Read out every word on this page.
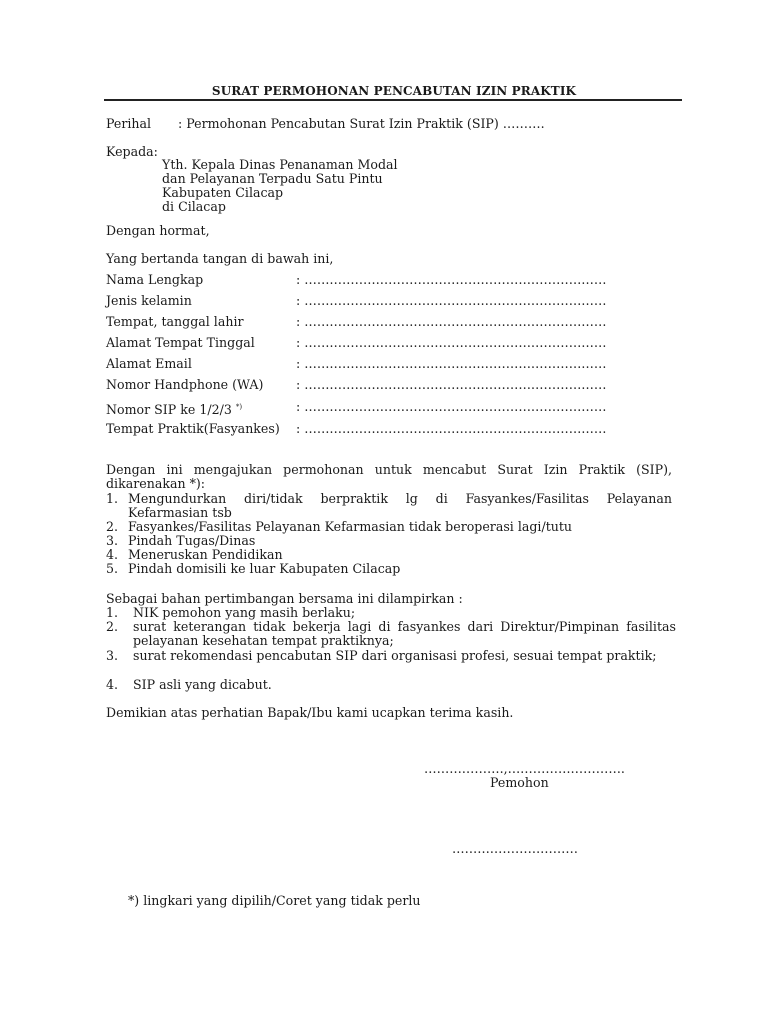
SURAT PERMOHONAN PENCABUTAN IZIN PRAKTIK
Perihal : Permohonan Pencabutan Surat Izin Praktik (SIP) ……….
Kepada:
Yth. Kepala Dinas Penanaman Modal
dan Pelayanan Terpadu Satu Pintu
Kabupaten Cilacap
di Cilacap
Dengan hormat,
Yang bertanda tangan di bawah ini,
Nama Lengkap	: ………………………………………………………………
Jenis kelamin	: ………………………………………………………………
Tempat, tanggal lahir	: ………………………………………………………………
Alamat Tempat Tinggal	: ………………………………………………………………
Alamat Email	: ………………………………………………………………
Nomor Handphone (WA)	: ………………………………………………………………
Nomor SIP ke 1/2/3 *)	: ………………………………………………………………
Tempat Praktik(Fasyankes) : ………………………………………………………………
Dengan ini mengajukan permohonan untuk mencabut Surat Izin Praktik (SIP), dikarenakan *):
1. Mengundurkan diri/tidak berpraktik lg di Fasyankes/Fasilitas Pelayanan Kefarmasian tsb
2. Fasyankes/Fasilitas Pelayanan Kefarmasian tidak beroperasi lagi/tutu
3. Pindah Tugas/Dinas
4. Meneruskan Pendidikan
5. Pindah domisili ke luar Kabupaten Cilacap
Sebagai bahan pertimbangan bersama ini dilampirkan :
1. NIK pemohon yang masih berlaku;
2. surat keterangan tidak bekerja lagi di fasyankes dari Direktur/Pimpinan fasilitas pelayanan kesehatan tempat praktiknya;
3. surat rekomendasi pencabutan SIP dari organisasi profesi, sesuai tempat praktik;
4. SIP asli yang dicabut.
Demikian atas perhatian Bapak/Ibu kami ucapkan terima kasih.
……………….,……………………….
Pemohon
…………………………
*) lingkari yang dipilih/Coret yang tidak perlu
